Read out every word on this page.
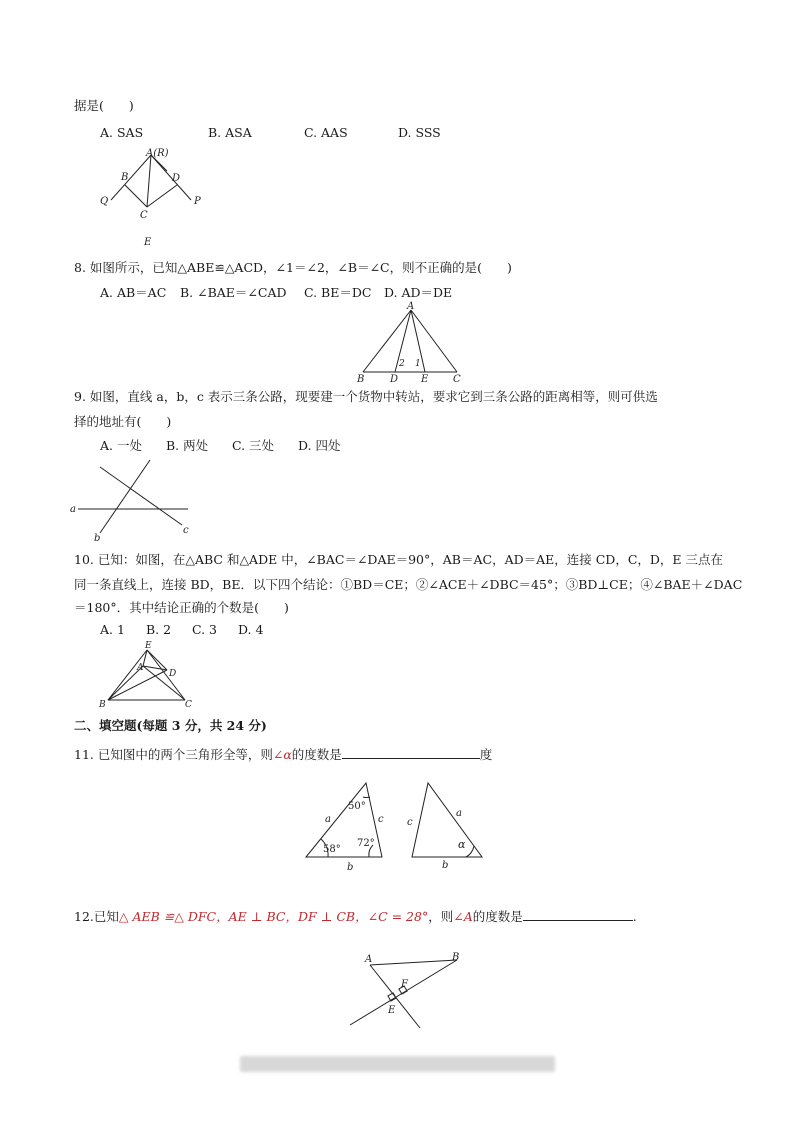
据是(　　)
A. SAS	B. ASA	C. AAS	D. SSS
A(R)
B	D
Q
C
P
E
8. 如图所示，已知△ABE≌△ACD，∠1＝∠2，∠B＝∠C，则不正确的是(　　)
A. AB＝AC B. ∠BAE＝∠CAD C. BE＝DC D. AD＝DE
A
B	D E C
2 1
9. 如图，直线 a，b，c 表示三条公路，现要建一个货物中转站，要求它到三条公路的距离相等，则可供选
择的地址有(　　)
A. 一处 B. 两处 C. 三处 D. 四处
a
b
c
10. 已知：如图，在△ABC 和△ADE 中，∠BAC＝∠DAE＝90°，AB＝AC，AD＝AE，连接 CD，C，D，E 三点在
同一条直线上，连接 BD，BE．以下四个结论：①BD＝CE；②∠ACE＋∠DBC＝45°；③BD⊥CE；④∠BAE＋∠DAC
＝180°．其中结论正确的个数是(　　)
A. 1 B. 2 C. 3 D. 4
E
A
D
B	C
二、填空题(每题 3 分，共 24 分)
11. 已知图中的两个三角形全等，则∠α的度数是	度
a	c
b
50°
58°
72°
c
a
b
α
12.已知△ AEB ≌△ DFC，AE ⊥ BC，DF ⊥ CB，∠C = 28°，则∠A的度数是	.
A	B
F
E
